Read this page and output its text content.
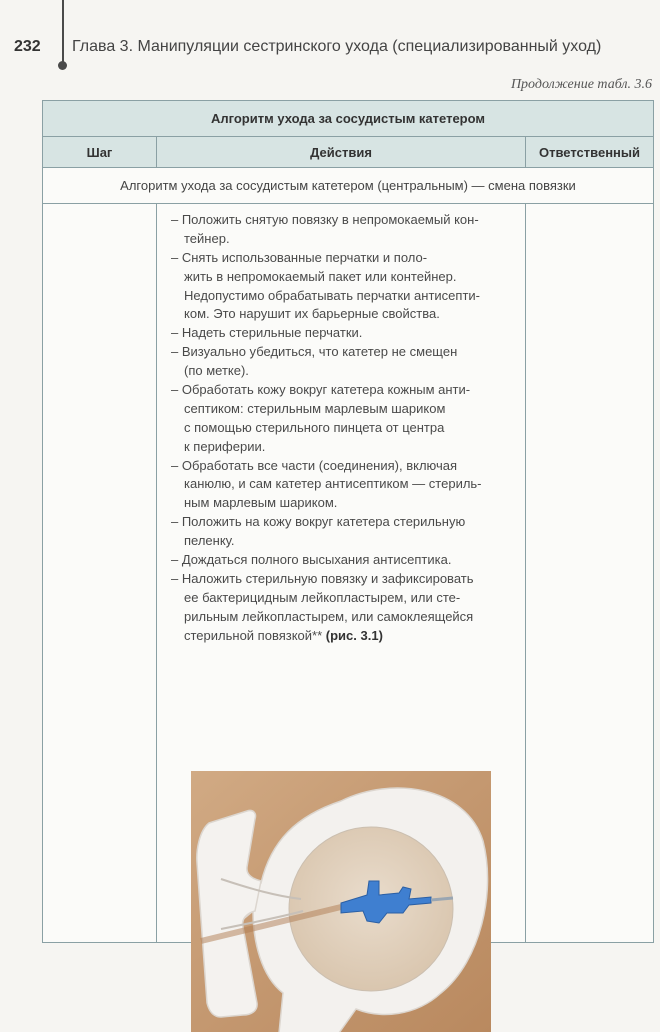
232 Глава 3. Манипуляции сестринского ухода (специализированный уход)
Продолжение табл. 3.6
Алгоритм ухода за сосудистым катетером
Шаг	Действия	Ответственный
Алгоритм ухода за сосудистым катетером (центральным) — смена повязки
– Положить снятую повязку в непромокаемый кон-
тейнер.
– Снять использованные перчатки и поло-
жить в непромокаемый пакет или контейнер.
Недопустимо обрабатывать перчатки антисепти-
ком. Это нарушит их барьерные свойства.
– Надеть стерильные перчатки.
– Визуально убедиться, что катетер не смещен
(по метке).
– Обработать кожу вокруг катетера кожным анти-
септиком: стерильным марлевым шариком
с помощью стерильного пинцета от центра
к периферии.
– Обработать все части (соединения), включая
канюлю, и сам катетер антисептиком — стериль-
ным марлевым шариком.
– Положить на кожу вокруг катетера стерильную
пеленку.
– Дождаться полного высыхания антисептика.
– Наложить стерильную повязку и зафиксировать
ее бактерицидным лейкопластырем, или сте-
рильным лейкопластырем, или самоклеящейся
стерильной повязкой** (рис. 3.1)
